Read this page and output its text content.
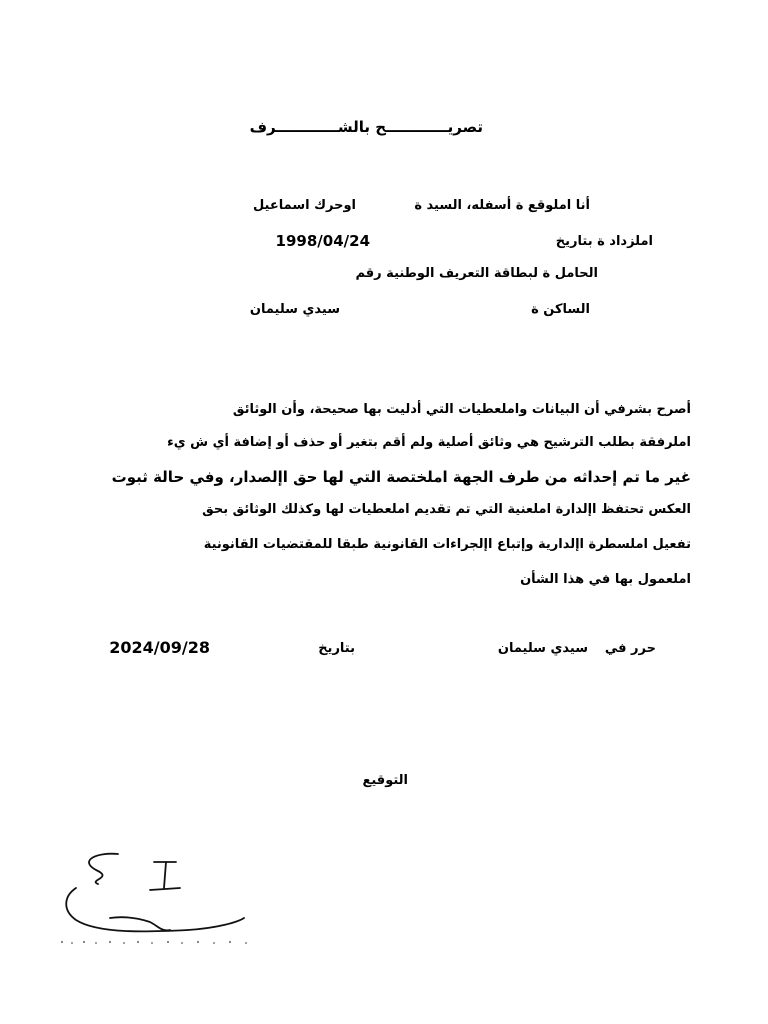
تصريــــــــــــح بالشــــــــــــرف
أنا املوقع ة أسفله، السيد ة
اوحرك اسماعيل
املزداد ة بتاريخ
1998/04/24
الحامل ة لبطاقة التعريف الوطنية رقم
الساكن ة
سيدي سليمان
أصرح بشرفي أن البيانات واملعطيات التي أدليت بها صحيحة، وأن الوثائق
املرفقة بطلب الترشيح هي وثائق أصلية ولم أقم بتغير أو حذف أو إضافة أي ش يء
غير ما تم إحداثه من طرف الجهة املختصة التي لها حق اإلصدار، وفي حالة ثبوت
العكس تحتفظ اإلدارة املعنية التي تم تقديم املعطيات لها وكذلك الوثائق بحق
تفعيل املسطرة اإلدارية وإتباع اإلجراءات القانونية طبقا للمقتضيات القانونية
املعمول بها في هذا الشأن
حرر في
سيدي سليمان
بتاريخ
2024/09/28
التوقيع
